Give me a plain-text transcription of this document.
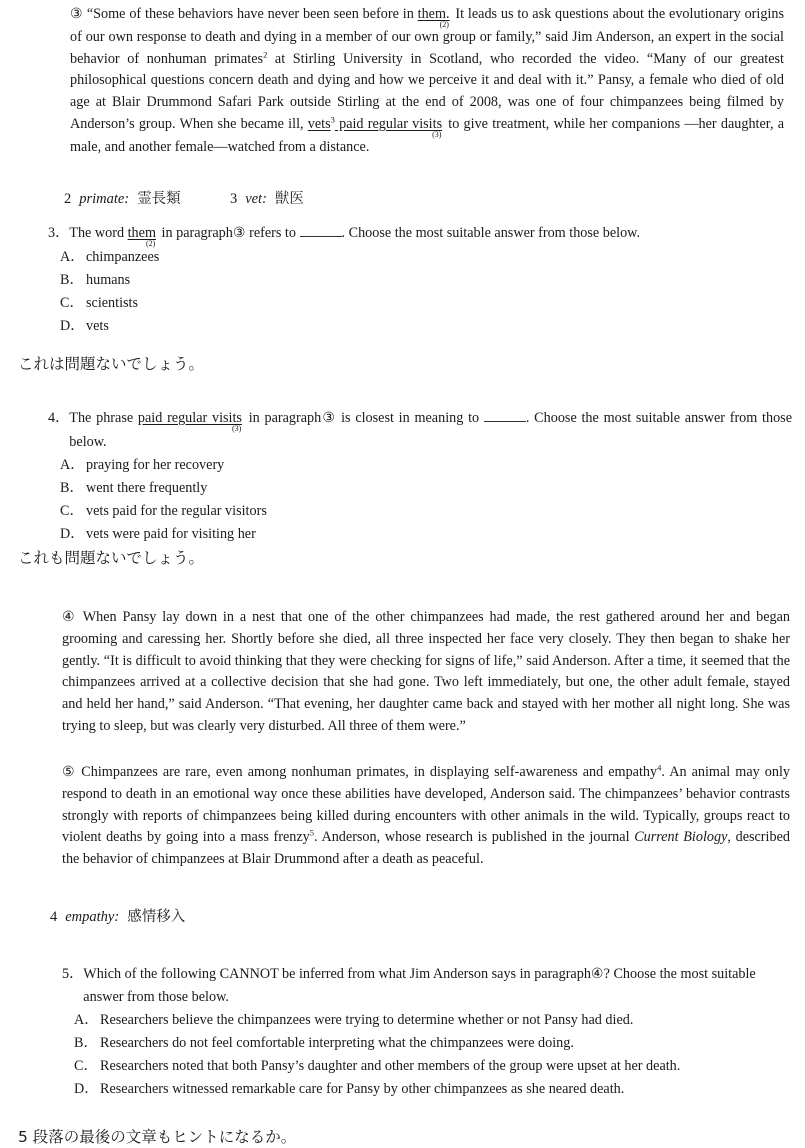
③ “Some of these behaviors have never been seen before in them.(2) It leads us to ask questions about the evolutionary origins of our own response to death and dying in a member of our own group or family,” said Jim Anderson, an expert in the social behavior of nonhuman primates$^2$ at Stirling University in Scotland, who recorded the video. “Many of our greatest philosophical questions concern death and dying and how we perceive it and deal with it.” Pansy, a female who died of old age at Blair Drummond Safari Park outside Stirling at the end of 2008, was one of four chimpanzees being filmed by Anderson’s group. When she became ill, vets$^3$ paid regular visits(3) to give treatment, while her companions —her daughter, a male, and another female—watched from a distance.

2 primate: 霊長類	3 vet: 獣医
3． The word them(2) in paragraph③ refers to	. Choose the most suitable answer from those below.
A． chimpanzees
B． humans
C． scientists
D． vets
これは問題ないでしょう。
4． The phrase paid regular visits(3) in paragraph③ is closest in meaning to	. Choose the most suitable answer from those below.
A． praying for her recovery
B． went there frequently
C． vets paid for the regular visitors
D． vets were paid for visiting her
これも問題ないでしょう。

④ When Pansy lay down in a nest that one of the other chimpanzees had made, the rest gathered around her and began grooming and caressing her. Shortly before she died, all three inspected her face very closely. They then began to shake her gently. “It is difficult to avoid thinking that they were checking for signs of life,” said Anderson. After a time, it seemed that the chimpanzees arrived at a collective decision that she had gone. Two left immediately, but one, the other adult female, stayed and held her hand,” said Anderson. “That evening, her daughter came back and stayed with her mother all night long. She was trying to sleep, but was clearly very disturbed. All three of them were.”

⑤ Chimpanzees are rare, even among nonhuman primates, in displaying self-awareness and empathy$^4$. An animal may only respond to death in an emotional way once these abilities have developed, Anderson said. The chimpanzees’ behavior contrasts strongly with reports of chimpanzees being killed during encounters with other animals in the wild. Typically, groups react to violent deaths by going into a mass frenzy$^5$. Anderson, whose research is published in the journal Current Biology, described the behavior of chimpanzees at Blair Drummond after a death as peaceful.

4 empathy: 感情移入
5． Which of the following CANNOT be inferred from what Jim Anderson says in paragraph④? Choose the most suitable answer from those below.
A． Researchers believe the chimpanzees were trying to determine whether or not Pansy had died.
B． Researchers do not feel comfortable interpreting what the chimpanzees were doing.
C． Researchers noted that both Pansy’s daughter and other members of the group were upset at her death.
D． Researchers witnessed remarkable care for Pansy by other chimpanzees as she neared death.
5 段落の最後の文章もヒントになるか。
